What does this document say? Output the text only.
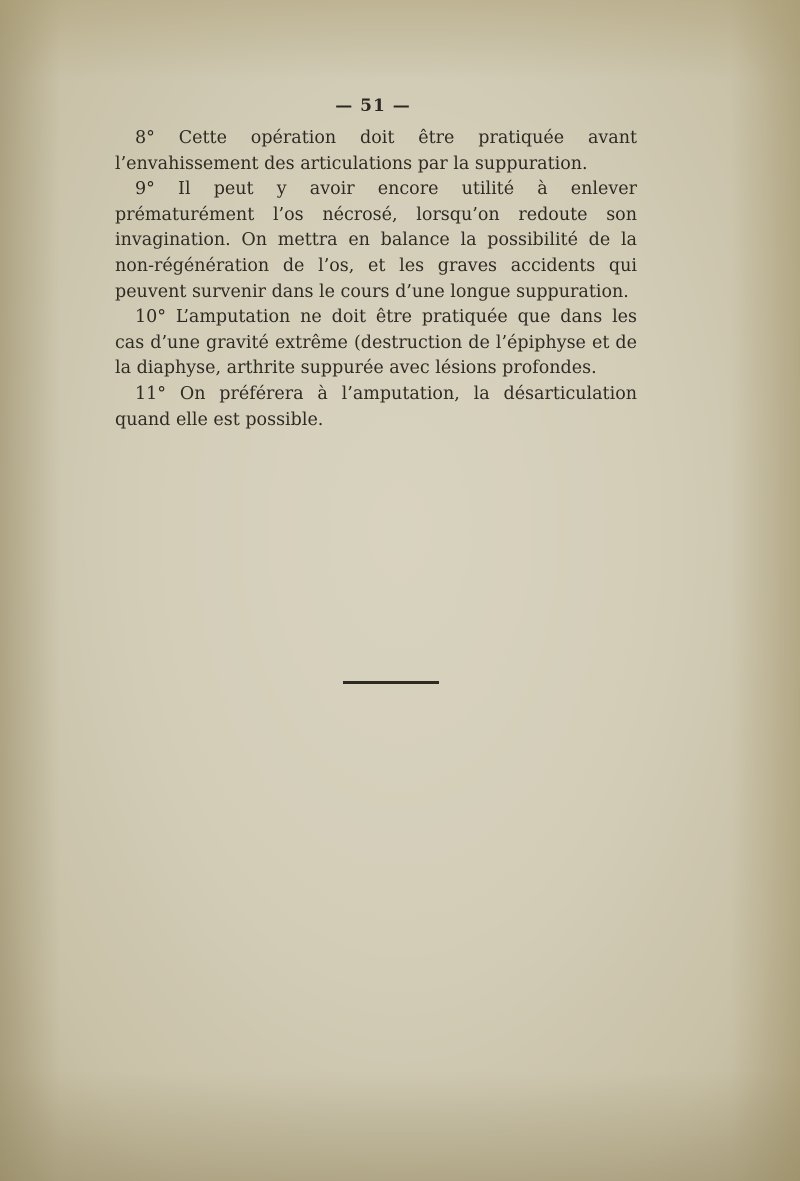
— 51 —

8° Cette opération doit être pratiquée avant l’envahissement des articulations par la suppuration.

9° Il peut y avoir encore utilité à enlever prématurément l’os nécrosé, lorsqu’on redoute son invagination. On mettra en balance la possibilité de la non-régénération de l’os, et les graves accidents qui peuvent survenir dans le cours d’une longue suppuration.

10° L’amputation ne doit être pratiquée que dans les cas d’une gravité extrême (destruction de l’épiphyse et de la diaphyse, arthrite suppurée avec lésions profondes.

11° On préférera à l’amputation, la désarticulation quand elle est possible.
